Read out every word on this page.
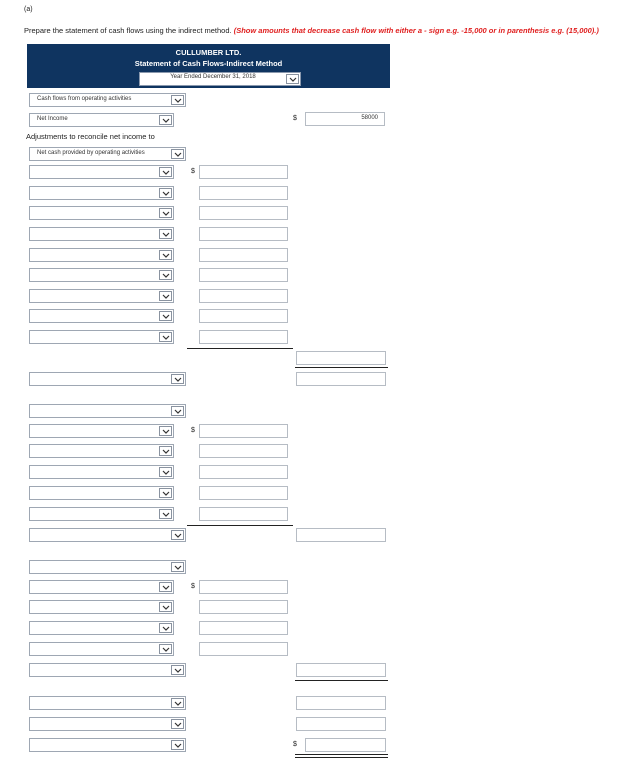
(a)
Prepare the statement of cash flows using the indirect method. (Show amounts that decrease cash flow with either a - sign e.g. -15,000 or in parenthesis e.g. (15,000).)
CULLUMBER LTD.
Statement of Cash Flows-Indirect Method
Year Ended December 31, 2018
Cash flows from operating activities
Net Income	$	58000
Adjustments to reconcile net income to
Net cash provided by operating activities
$
$
$
$
